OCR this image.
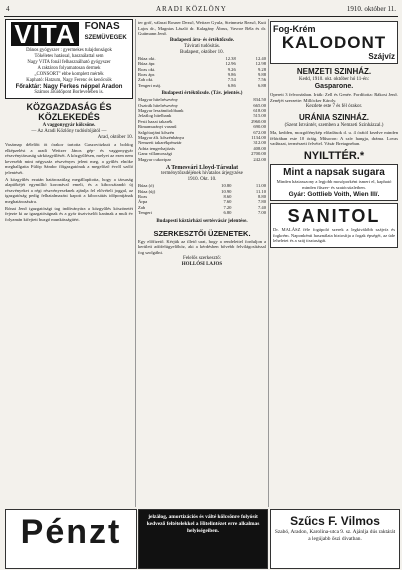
4	ARADI KÖZLÖNY	1910. október 11.
VITA FONAS
SZEMÜVEGEK
Dános gyógyszer : gyermekes tulajdonságok
Tökéletes hatással, használattal sem
Nagy VITA fonál felhasználható gyógyszer
A raktáron folyamatosan dermek
„CONSORT" ebbe komplett mérték
Kapható: Hatzum, Nagy Ferenc és kenőcsök
Főraktár: Nagy Ferkes néppel Aradon
Számos áruidőpont Borlevelében is.
KÖZGAZDASÁG ÉS KÖZLEKEDÉS
A vaggonygyár kölcsöne.
— Az Aradi Közlöny tudósítójától —
Arad, október 10.

Vasárnap délelőtt öt órakor tartotta Gaszovitzkutt a boldog elképzelést a aradi Weitzer János gép- és vaggonygyár részvénytársaság sárközgyűlését. A közgyűlésen, melyet az ezen nem kevesebb mint négyszáz részvényes jelent meg, a gyűlés elnöke meghallgatta Fülöp Sándor főigazgatónak a megelőző évről szóló jelentését.

A közgyűlés ezután határozatilag megállapította, hogy a társaság alaptőkéjét egymillió koronával emeli, és a kibocsátandó új részvényeket a régi részvényeseknek ajánlja fel elővételi joggal, az igazgatóság pedig felhatalmazást kapott a kibocsátás időpontjának meghatározására.

Rónai Jenő igazgatósági tag indítványára a közgyűlés köszönetét fejezte ki az igazgatóságnak és a gyár tisztviselői karának a mult év folyamán kifejtett buzgó munkásságáért.

ter gróf, választ Rosner Dezső, Weitzer Gyula, Steinmetz Rezső, Kuti Lajos dr., Magnias László dr. Kalagány Ábrus, Vavroe Béla és dr. Guttmann Jenő.

Budapesti áru- és értéktőzsde.
Távirati tudósítás.
Budapest, október 10.
Búza okt.	12.38	12.40
Búza ápr.	12.96	12.98
Rozs okt.	9.26	9.28
Rozs ápr.	9.86	9.88
Zab okt.	7.54	7.56
Tengeri máj.	6.86	6.88
Budapesti értéktőzsde. (Táv. jelentés.)
Magyar hitelrészvény	834.50
Osztrák hitelrészvény	665.00
Magyar leszámítolóbank	618.00
Jelzálog hitelbank	515.00
Pesti hazai takarék	2960.00
Rimamurányi vasmű	690.00
Salgótarjáni kőszén	672.00
Magyar ált. kőszénbánya	1134.00
Nemzeti takarékpénztár	312.00
Adria tengerhajózás	408.00
Ganz villamossági	2700.00
Magyar cukoripar	242.00
A Temesvári Lloyd-Társulat
terménytőzsdéjének hivatalos árjegyzése
1910. Okt. 10.
Búza (ó)	10.80	11.00
Búza (új)	10.90	11.10
Rozs	8.60	8.80
Árpa	7.60	7.80
Zab	7.20	7.40
Tengeri	6.80	7.00
Budapesti köztárházi sertésvásár jelentése.
SZERKESZTŐI ÜZENETEK.

Egy előfizető. Kérjük az illető urat, hogy a rendelettel forduljon a kerületi adófelügyelőhöz, aki a kérdésben bővebb felvilágosítással fog szolgálni.

Felelős szerkesztő:
HOLLÓSI LAJOS
Fog-Krém
KALODONT
Szájvíz
NEMZETI SZINHÁZ.
Kedd, 1910. okt. október hó 11-én:
Gasparone.

Operett 3 felvonásban. Irták: Zell és Genée. Fordította: Rákosi Jenő. Zenéjét szerzette: Millöcker Károly.

Kezdete este 7 és fél órakor.
URÁNIA SZINHÁZ.
(Szent Istvántér, szemben a Nemzeti Szinházzal.)

Ma, kedden, mozgófénykép előadások d. u. 4 órától kezdve minden félórában este 10 óráig. Műsoron: A szív hangja, dráma. Lovas vadászat, természeti felvétel. Vásár Bretagneban.

NYILTTÉR.*
Mint a napsak sugara

Minden háziasszony a legjobb mosóporként ismeri el, kapható minden fűszer- és szatócsüzletben.

Gyár: Gottlieb Voith, Wien III/.
SANITOL

Dr. MALÁSZ féle fogápoló szerek a legkiválóbb szájvíz és fogkrém. Naponkénti használata biztosítja a fogak épségét, az üde leheletet és a száj tisztaságát.

Pénzt	jelzálog, amortizációs és válté kölcsönre folyósít kedvező feltételekkel a Hitelintézet erre alkalmas helyiségeiben.

Szűcs F. Vilmos

Szabó, Aradon, Karolina-utca 9. sz. Ajánlja dús raktárát a legújabb őszi divatban.
